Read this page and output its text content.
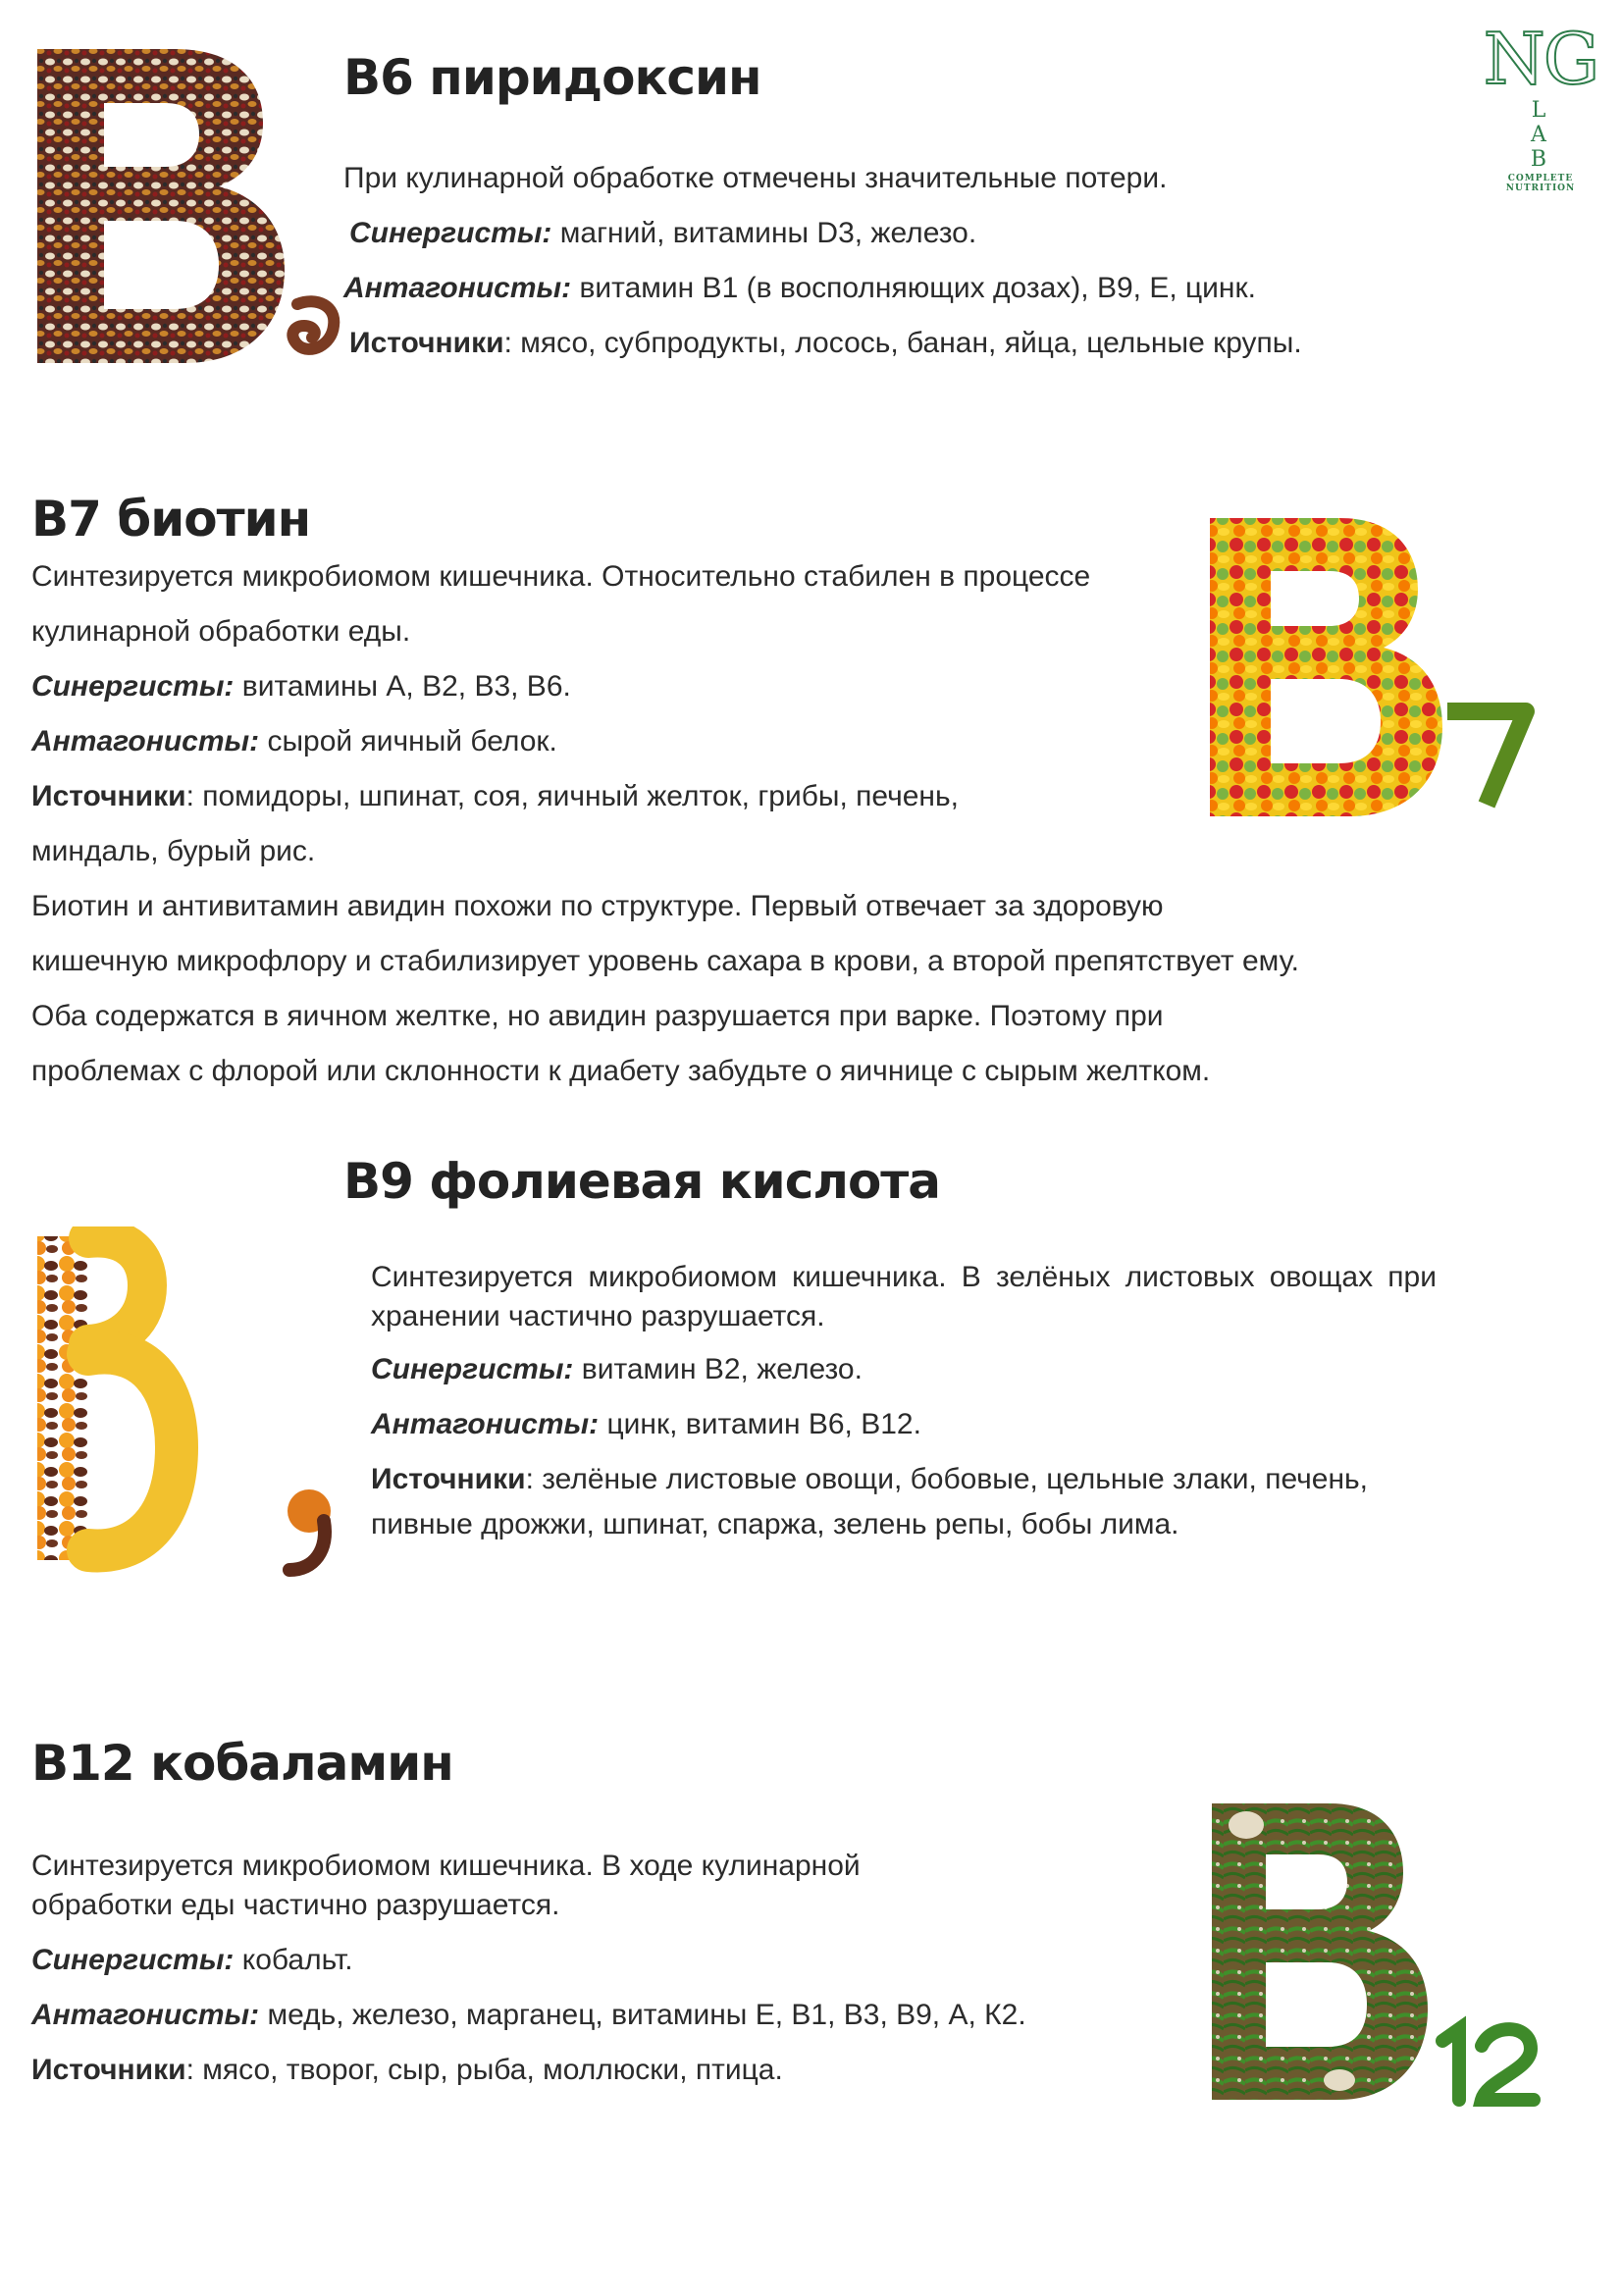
NG
L A B
COMPLETE NUTRITION
B6 пиридоксин
При кулинарной обработке отмечены значительные потери.
Синергисты: магний, витамины D3, железо.
Антагонисты: витамин В1 (в восполняющих дозах), В9, Е, цинк.
Источники: мясо, субпродукты, лосось, банан, яйца, цельные крупы.
B7 биотин
Синтезируется микробиомом кишечника. Относительно стабилен в процессе
кулинарной обработки еды.
Синергисты: витамины А, В2, В3, В6.
Антагонисты: сырой яичный белок.
Источники: помидоры, шпинат, соя, яичный желток, грибы, печень,
миндаль, бурый рис.
Биотин и антивитамин авидин похожи по структуре. Первый отвечает за здоровую
кишечную микрофлору и стабилизирует уровень сахара в крови, а второй препятствует ему.
Оба содержатся в яичном желтке, но авидин разрушается при варке. Поэтому при
проблемах с флорой или склонности к диабету забудьте о яичнице с сырым желтком.
B9 фолиевая кислота
Синтезируется микробиомом кишечника. В зелёных листовых овощах при хранении частично разрушается.
Синергисты: витамин В2, железо.
Антагонисты: цинк, витамин В6, В12.
Источники: зелёные листовые овощи, бобовые, цельные злаки, печень,
пивные дрожжи, шпинат, спаржа, зелень репы, бобы лима.
B12 кобаламин
Синтезируется микробиомом кишечника. В ходе кулинарной
обработки еды частично разрушается.
Синергисты: кобальт.
Антагонисты: медь, железо, марганец, витамины Е, В1, В3, В9, А, К2.
Источники: мясо, творог, сыр, рыба, моллюски, птица.
